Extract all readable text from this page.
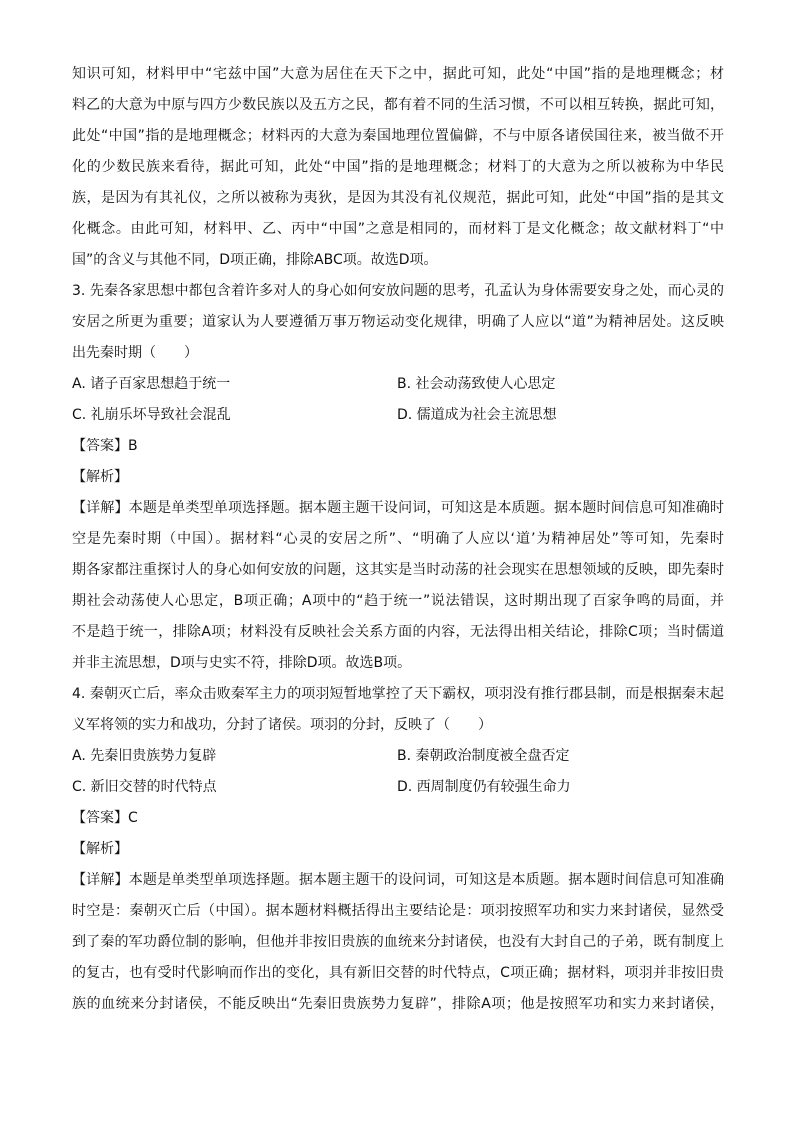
知识可知，材料甲中“宅兹中国”大意为居住在天下之中，据此可知，此处“中国”指的是地理概念；材
料乙的大意为中原与四方少数民族以及五方之民，都有着不同的生活习惯，不可以相互转换，据此可知，
此处“中国”指的是地理概念；材料丙的大意为秦国地理位置偏僻，不与中原各诸侯国往来，被当做不开
化的少数民族来看待，据此可知，此处“中国”指的是地理概念；材料丁的大意为之所以被称为中华民
族，是因为有其礼仪，之所以被称为夷狄，是因为其没有礼仪规范，据此可知，此处“中国”指的是其文
化概念。由此可知，材料甲、乙、丙中“中国”之意是相同的，而材料丁是文化概念；故文献材料丁“中
国”的含义与其他不同，D项正确，排除ABC项。故选D项。
3. 先秦各家思想中都包含着许多对人的身心如何安放问题的思考，孔孟认为身体需要安身之处，而心灵的
安居之所更为重要；道家认为人要遵循万事万物运动变化规律，明确了人应以“道”为精神居处。这反映
出先秦时期（　　）
A. 诸子百家思想趋于统一	B. 社会动荡致使人心思定
C. 礼崩乐坏导致社会混乱	D. 儒道成为社会主流思想
【答案】B
【解析】
【详解】本题是单类型单项选择题。据本题主题干设问词，可知这是本质题。据本题时间信息可知准确时
空是先秦时期（中国）。据材料“心灵的安居之所”、“明确了人应以‘道’为精神居处”等可知，先秦时
期各家都注重探讨人的身心如何安放的问题，这其实是当时动荡的社会现实在思想领域的反映，即先秦时
期社会动荡使人心思定，B项正确；A项中的“趋于统一”说法错误，这时期出现了百家争鸣的局面，并
不是趋于统一，排除A项；材料没有反映社会关系方面的内容，无法得出相关结论，排除C项；当时儒道
并非主流思想，D项与史实不符，排除D项。故选B项。
4. 秦朝灭亡后，率众击败秦军主力的项羽短暂地掌控了天下霸权，项羽没有推行郡县制，而是根据秦末起
义军将领的实力和战功，分封了诸侯。项羽的分封，反映了（　　）
A. 先秦旧贵族势力复辟	B. 秦朝政治制度被全盘否定
C. 新旧交替的时代特点	D. 西周制度仍有较强生命力
【答案】C
【解析】
【详解】本题是单类型单项选择题。据本题主题干的设问词，可知这是本质题。据本题时间信息可知准确
时空是：秦朝灭亡后（中国）。据本题材料概括得出主要结论是：项羽按照军功和实力来封诸侯，显然受
到了秦的军功爵位制的影响，但他并非按旧贵族的血统来分封诸侯，也没有大封自己的子弟，既有制度上
的复古，也有受时代影响而作出的变化，具有新旧交替的时代特点，C项正确；据材料，项羽并非按旧贵
族的血统来分封诸侯，不能反映出“先秦旧贵族势力复辟”，排除A项；他是按照军功和实力来封诸侯，
